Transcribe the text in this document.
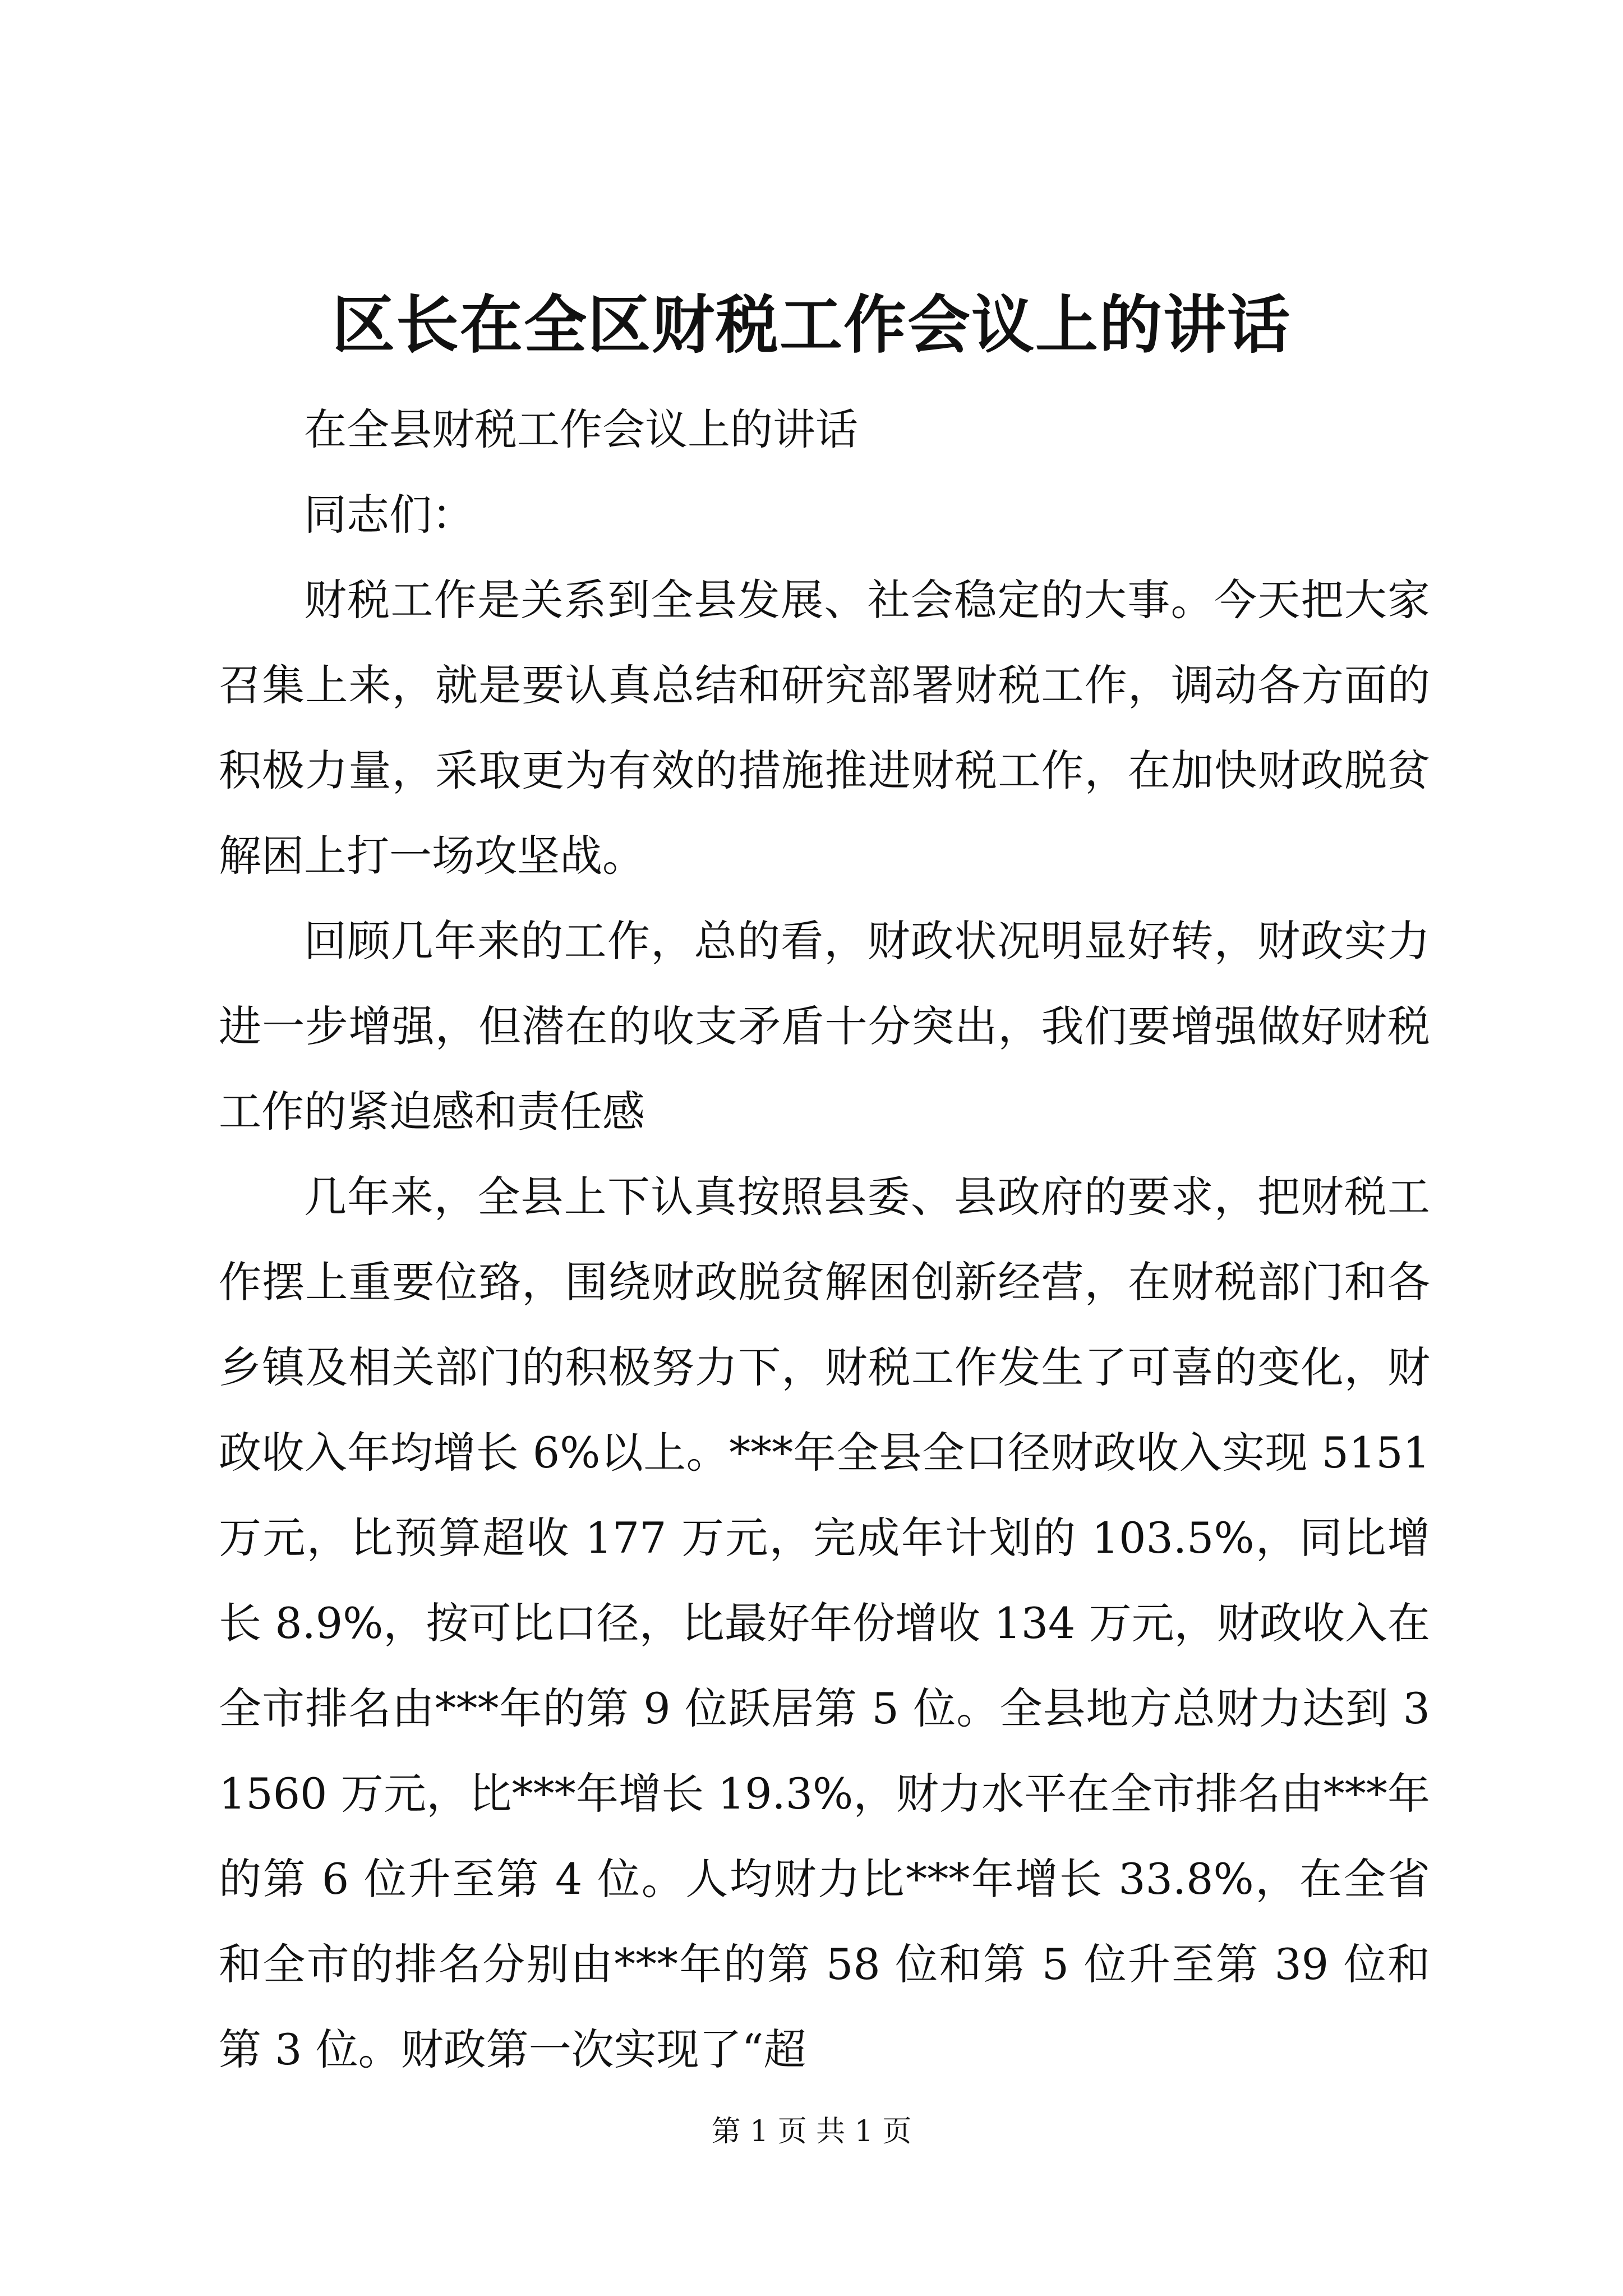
区长在全区财税工作会议上的讲话

在全县财税工作会议上的讲话

同志们：

财税工作是关系到全县发展、社会稳定的大事。今天把大家召集上来，就是要认真总结和研究部署财税工作，调动各方面的积极力量，采取更为有效的措施推进财税工作，在加快财政脱贫解困上打一场攻坚战。

回顾几年来的工作，总的看，财政状况明显好转，财政实力进一步增强，但潜在的收支矛盾十分突出，我们要增强做好财税工作的紧迫感和责任感

几年来，全县上下认真按照县委、县政府的要求，把财税工作摆上重要位臵，围绕财政脱贫解困创新经营，在财税部门和各乡镇及相关部门的积极努力下，财税工作发生了可喜的变化，财政收入年均增长 6%以上。***年全县全口径财政收入实现 5151 万元，比预算超收 177 万元，完成年计划的 103.5%，同比增长 8.9%，按可比口径，比最好年份增收 134 万元，财政收入在全市排名由***年的第 9 位跃居第 5 位。全县地方总财力达到 31560 万元，比***年增长 19.3%，财力水平在全市排名由***年的第 6 位升至第 4 位。人均财力比***年增长 33.8%，在全省和全市的排名分别由***年的第 58 位和第 5 位升至第 39 位和第 3 位。财政第一次实现了“超

第 1 页 共 1 页
